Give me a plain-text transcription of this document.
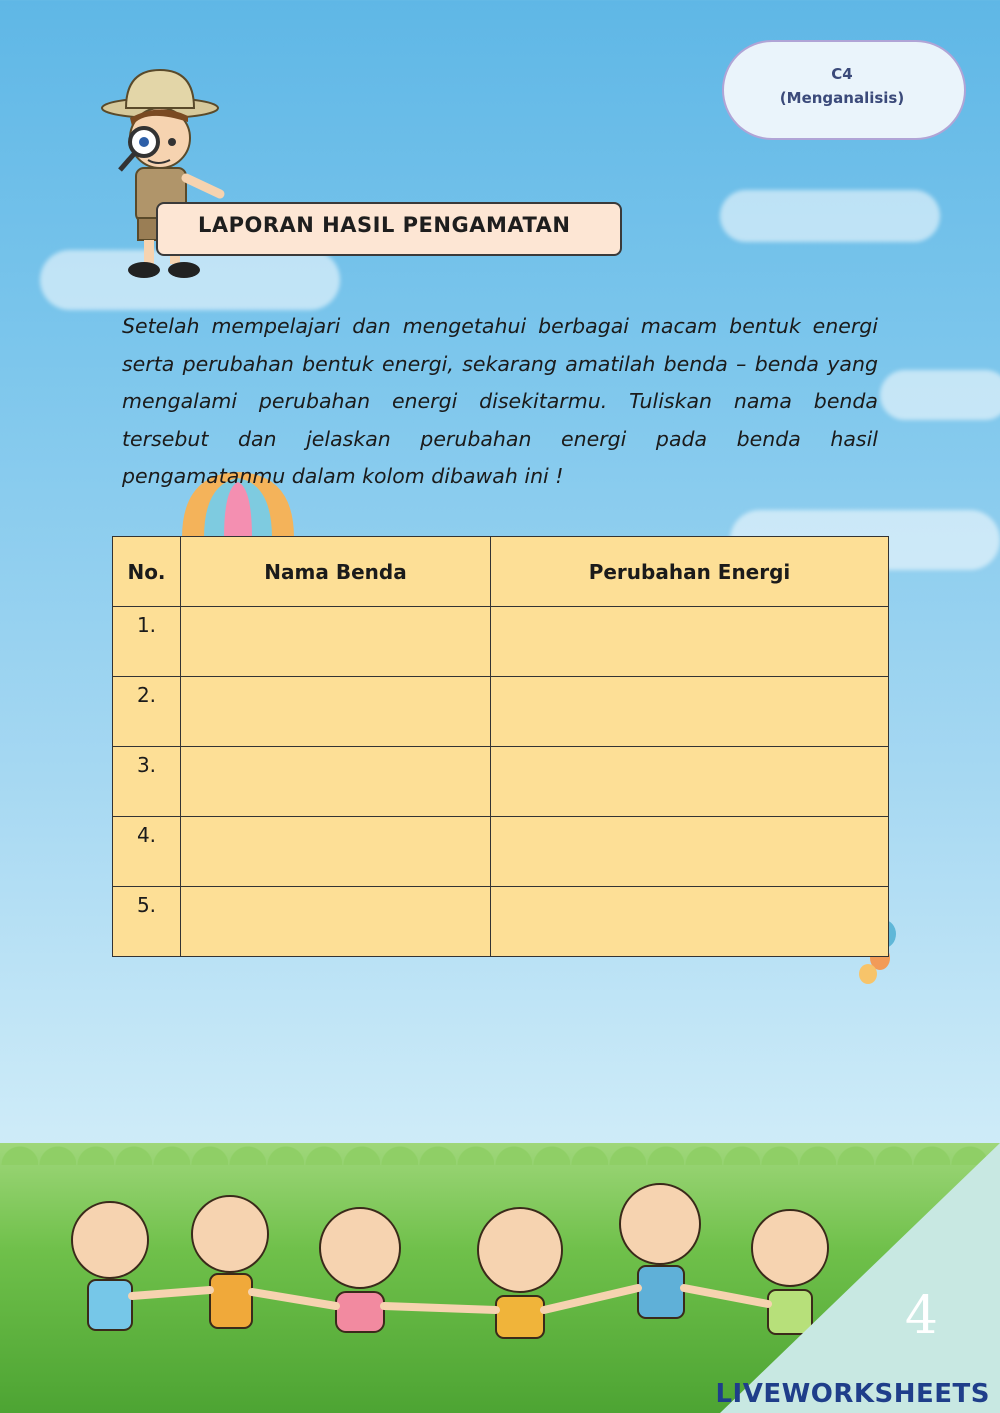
C4
(Menganalisis)
LAPORAN HASIL PENGAMATAN
Setelah mempelajari dan mengetahui berbagai macam bentuk energi serta perubahan bentuk energi, sekarang amatilah benda – benda yang mengalami perubahan energi disekitarmu. Tuliskan nama benda tersebut dan jelaskan perubahan energi pada benda hasil pengamatanmu dalam kolom dibawah ini !
No.	Nama Benda	Perubahan Energi
1.		
2.		
3.		
4.		
5.		
4
LIVEWORKSHEETS
